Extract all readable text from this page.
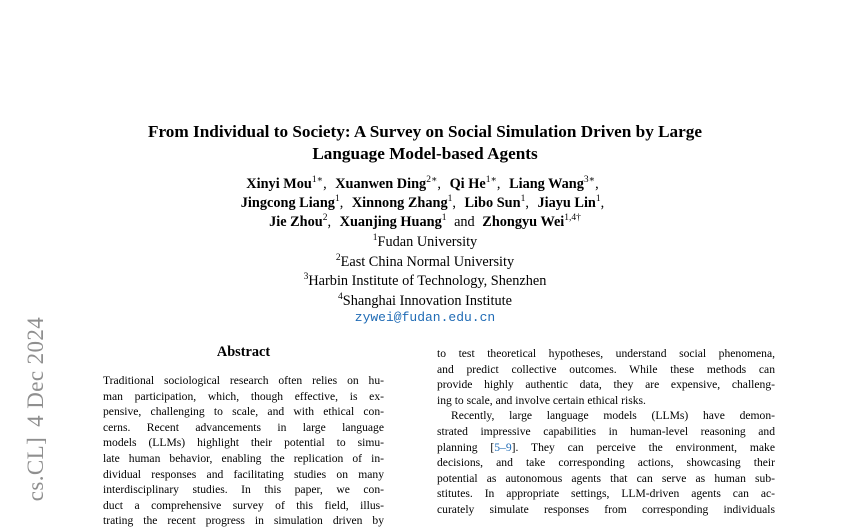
cs.CL]4 Dec 2024
From Individual to Society: A Survey on Social Simulation Driven by Large
Language Model-based Agents
Xinyi Mou$^{1∗}$, Xuanwen Ding$^{2∗}$, Qi $He^{1∗}$, Liang Wang$^{3∗}$,
Jingcong Liang$^1$, Xinnong Zhang$^1$, Libo Sun$^1$, Jiayu Lin$^1$,
Jie Zhou$^2$, Xuanjing Huang$^1$ and Zhongyu Wei$^{1,4\dagger}$
$^1$Fudan University
$^2$East China Normal University
$^3$Harbin Institute of Technology, Shenzhen
$^4$Shanghai Innovation Institute
zywei@fudan.edu.cn
Abstract
Traditional sociological research often relies on hu-
man participation, which, though effective, is ex-
pensive, challenging to scale, and with ethical con-
cerns. Recent advancements in large language
models (LLMs) highlight their potential to simu-
late human behavior, enabling the replication of in-
dividual responses and facilitating studies on many
interdisciplinary studies. In this paper, we con-
duct a comprehensive survey of this field, illus-
trating the recent progress in simulation driven by
to test theoretical hypotheses, understand social phenomena,
and predict collective outcomes. While these methods can
provide highly authentic data, they are expensive, challeng-
ing to scale, and involve certain ethical risks.
Recently, large language models (LLMs) have demon-
strated impressive capabilities in human-level reasoning and
planning [5–9]. They can perceive the environment, make
decisions, and take corresponding actions, showcasing their
potential as autonomous agents that can serve as human sub-
stitutes. In appropriate settings, LLM-driven agents can ac-
curately simulate responses from corresponding individuals
